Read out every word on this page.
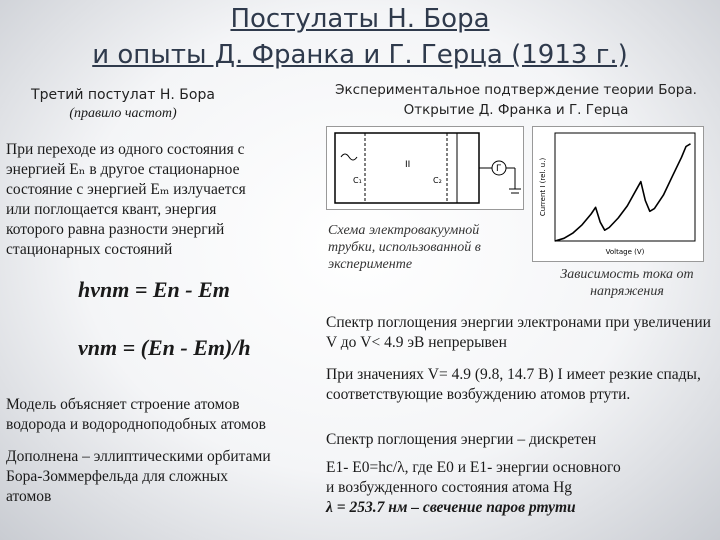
Постулаты Н. Бора
и опыты Д. Франка и Г. Герца (1913 г.)
Третий постулат Н. Бора
(правило частот)
При переходе из одного состояния с
энергией Eₙ в другое стационарное
состояние с энергией Eₘ излучается
или поглощается квант, энергия
которого равна разности энергий
стационарных состояний
hνnm = En - Em
νnm = (En - Em)/h
Модель объясняет строение атомов
водорода и водородноподобных атомов
Дополнена – эллиптическими орбитами
Бора-Зоммерфельда для сложных
атомов
Экспериментальное подтверждение теории Бора.
Открытие Д. Франка и Г. Герца
II
C₁	C₂
Γ
Схема электровакуумной трубки, использованной в эксперименте
Current I (rel. u.)
Voltage (V)
Зависимость тока от напряжения
Спектр поглощения энергии электронами при увеличении V до V< 4.9 эВ непрерывен
При значениях V= 4.9 (9.8, 14.7 В) I имеет резкие спады, соответствующие возбуждению атомов ртути.
Спектр поглощения энергии – дискретен
E1- E0=hc/λ, где E0 и E1- энергии основного
и возбужденного состояния атома Hg
λ = 253.7 нм – свечение паров ртути
